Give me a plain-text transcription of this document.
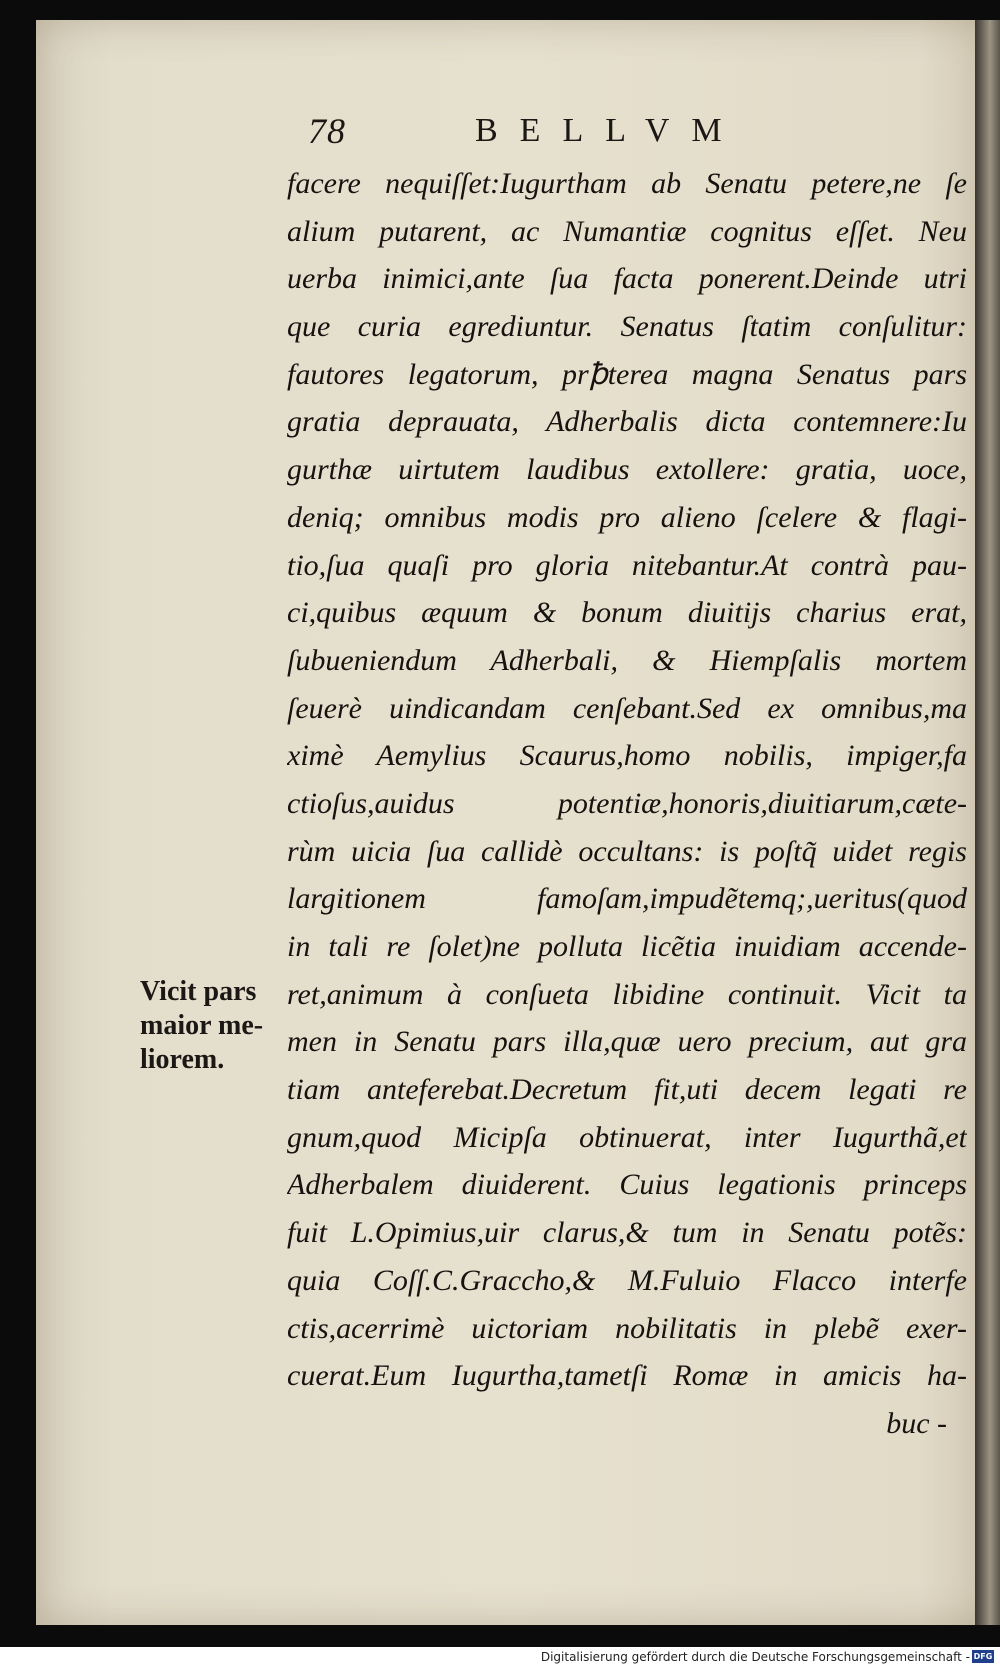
78	BELLVM
facere nequiſſet:Iugurtham ab Senatu petere,ne ſe
alium putarent, ac Numantiæ cognitus eſſet. Neu
uerba inimici,ante ſua facta ponerent.Deinde utri
que curia egrediuntur. Senatus ſtatim conſulitur:
fautores legatorum, prꝥterea magna Senatus pars
gratia deprauata, Adherbalis dicta contemnere:Iu
gurthæ uirtutem laudibus extollere: gratia, uoce,
deniq; omnibus modis pro alieno ſcelere & flagi-
tio,ſua quaſi pro gloria nitebantur.At contrà pau-
ci,quibus æquum & bonum diuitijs charius erat,
ſubueniendum Adherbali, & Hiempſalis mortem
ſeuerè uindicandam cenſebant.Sed ex omnibus,ma
ximè Aemylius Scaurus,homo nobilis, impiger,fa
ctioſus,auidus potentiæ,honoris,diuitiarum,cæte-
rùm uicia ſua callidè occultans: is poſtq̃ uidet regis
largitionem famoſam,impudẽtemq;,ueritus(quod
in tali re ſolet)ne polluta licẽtia inuidiam accende-
ret,animum à conſueta libidine continuit. Vicit ta
men in Senatu pars illa,quæ uero precium, aut gra
tiam anteferebat.Decretum fit,uti decem legati re
gnum,quod Micipſa obtinuerat, inter Iugurthã,et
Adherbalem diuiderent. Cuius legationis princeps
fuit L.Opimius,uir clarus,& tum in Senatu potẽs:
quia Coſſ.C.Graccho,& M.Fuluio Flacco interfe
ctis,acerrimè uictoriam nobilitatis in plebẽ exer-
cuerat.Eum Iugurtha,tametſi Romæ in amicis ha-
buc -
Vicit pars
maior me-
liorem.
Digitalisierung gefördert durch die Deutsche Forschungsgemeinschaft - DFG
